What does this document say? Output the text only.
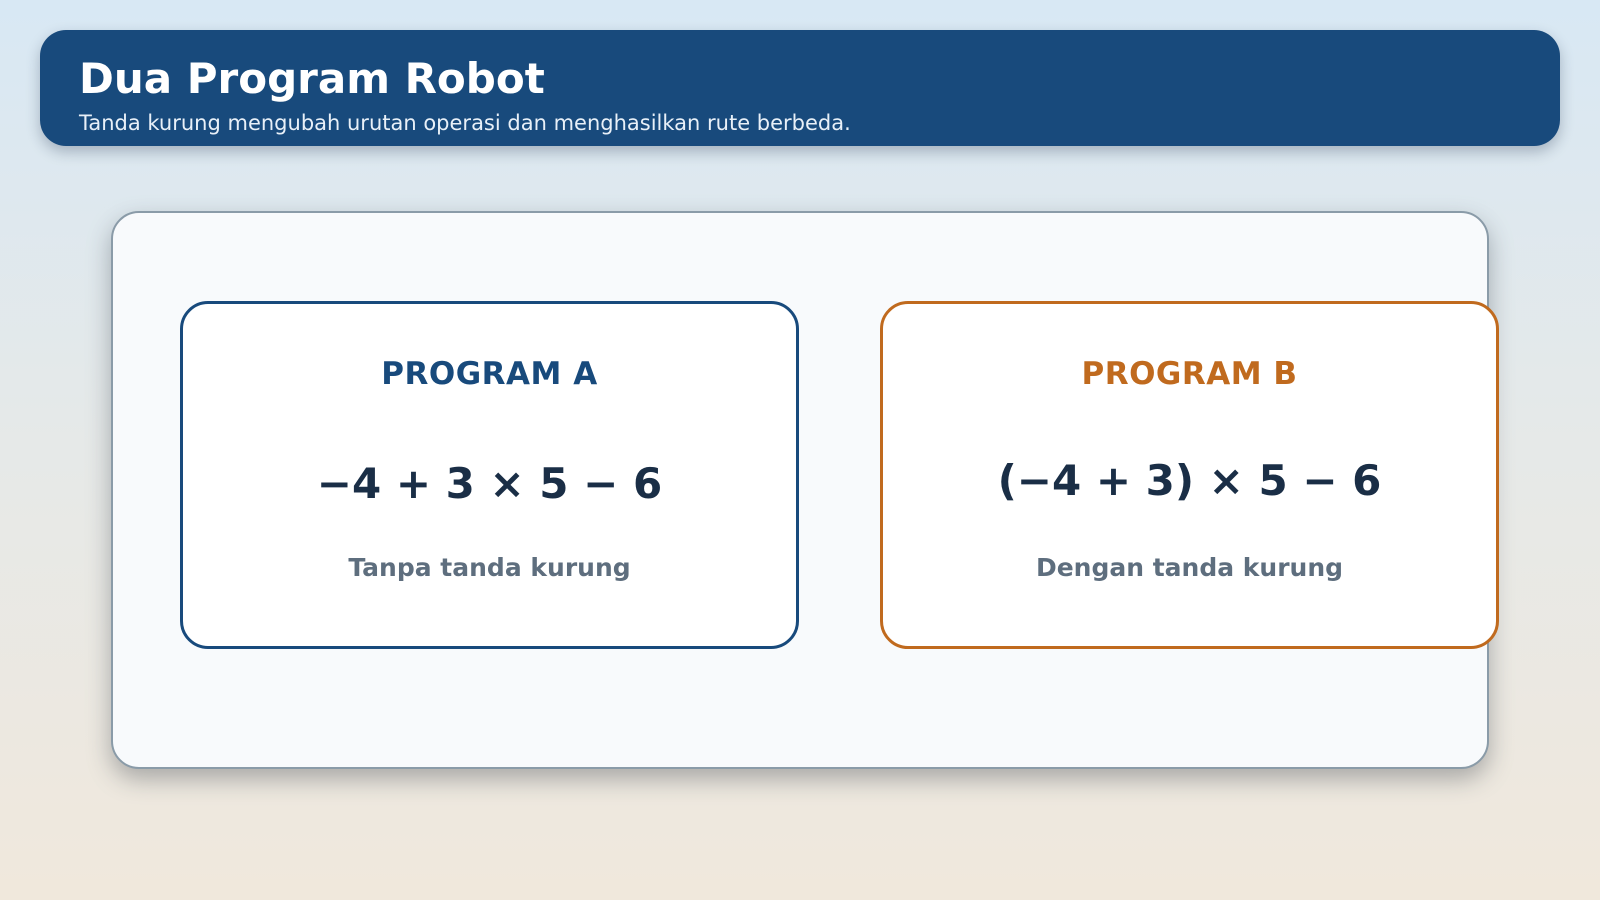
Dua Program Robot
Tanda kurung mengubah urutan operasi dan menghasilkan rute berbeda.
PROGRAM A
−4 + 3 × 5 − 6
Tanpa tanda kurung
PROGRAM B
(−4 + 3) × 5 − 6
Dengan tanda kurung
